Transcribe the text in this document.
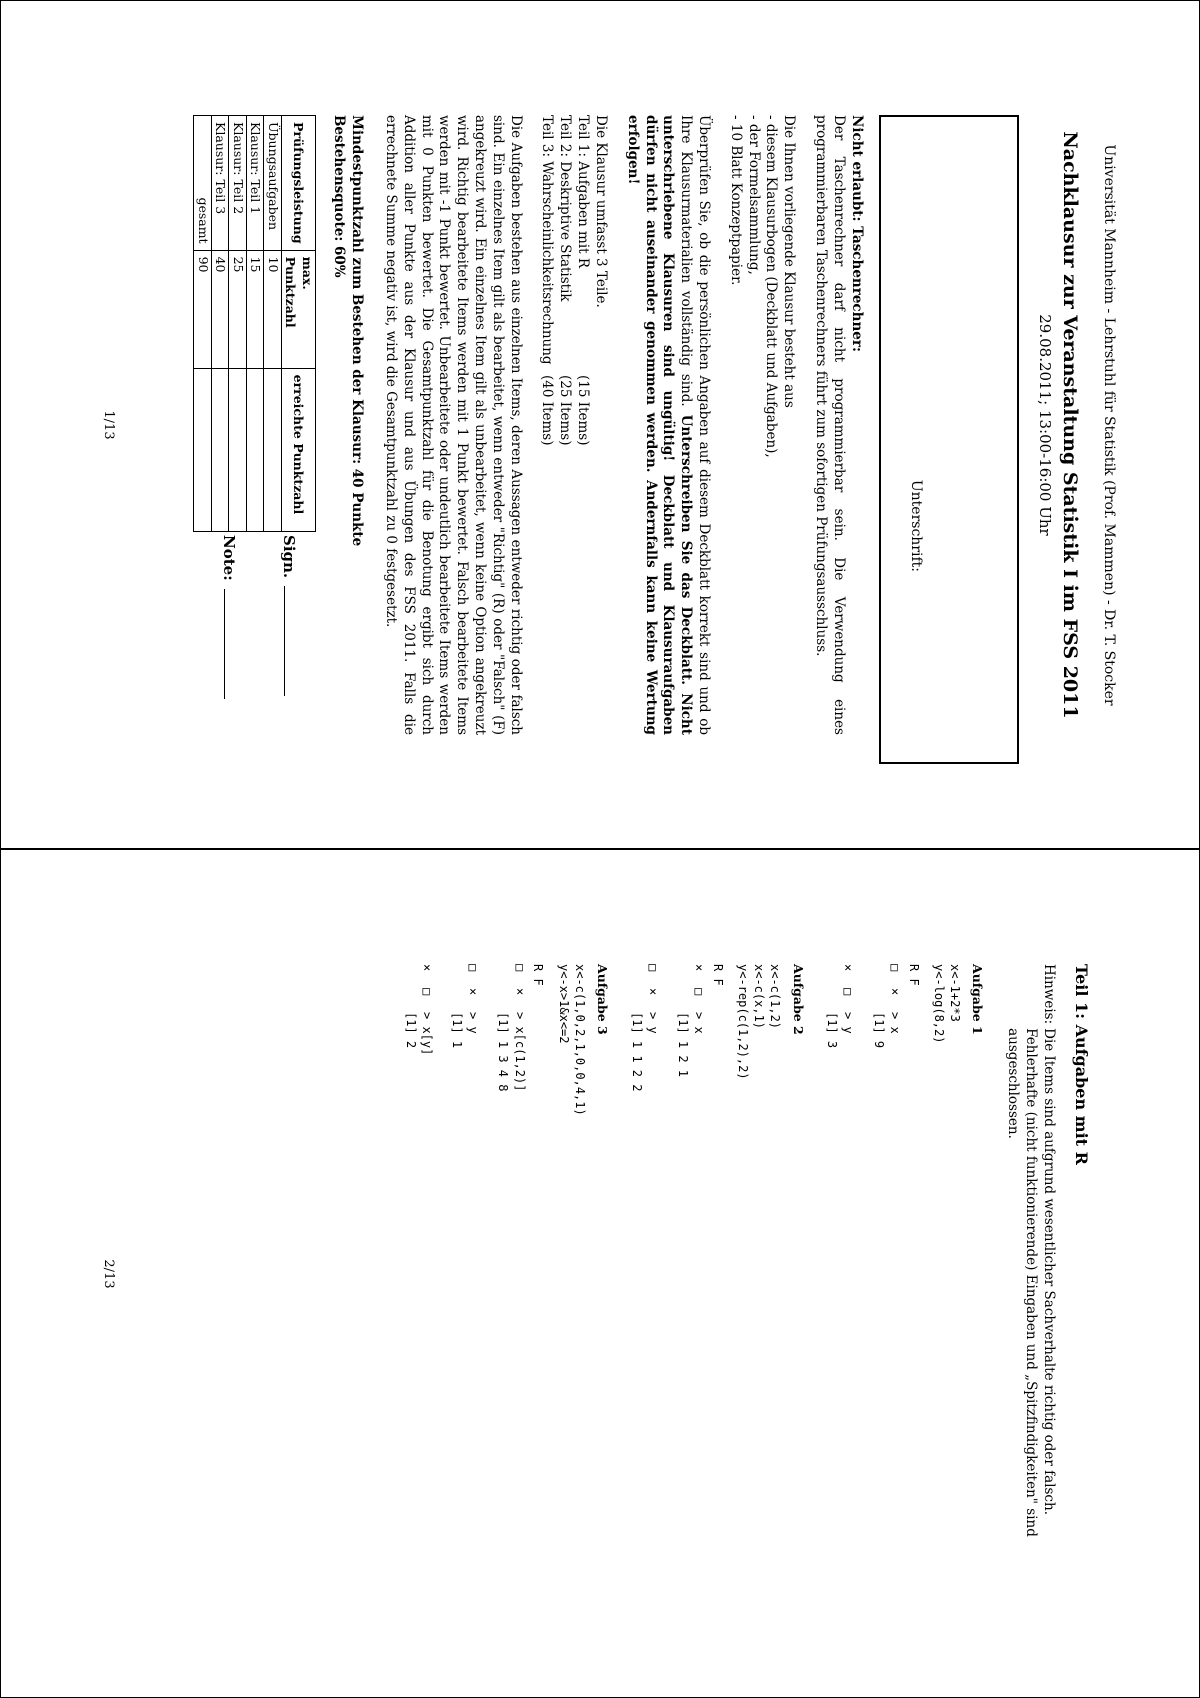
Universität Mannheim - Lehrstuhl für Statistik (Prof. Mammen) - Dr. T. Stocker
Nachklausur zur Veranstaltung Statistik I im FSS 2011
29.08.2011; 13:00-16:00 Uhr
Unterschrift:
Nicht erlaubt: Taschenrechner:
Der Taschenrechner darf nicht programmierbar sein. Die Verwendung eines programmierbaren Taschenrechners führt zum sofortigen Prüfungsausschluss.
Die Ihnen vorliegende Klausur besteht aus
- diesem Klausurbogen (Deckblatt und Aufgaben),
- der Formelsammlung,
- 10 Blatt Konzeptpapier.
Überprüfen Sie, ob die persönlichen Angaben auf diesem Deckblatt korrekt sind und ob Ihre Klausurmaterialien vollständig sind. Unterschreiben Sie das Deckblatt. Nicht unterschriebene Klausuren sind ungültig! Deckblatt und Klausuraufgaben dürfen nicht auseinander genommen werden. Andernfalls kann keine Wertung erfolgen!
Die Klausur umfasst 3 Teile.
Teil 1: Aufgaben mit R
(15 Items)
Teil 2: Deskriptive Statistik
(25 Items)
Teil 3: Wahrscheinlichkeitsrechnung
(40 Items)
Die Aufgaben bestehen aus einzelnen Items, deren Aussagen entweder richtig oder falsch sind. Ein einzelnes Item gilt als bearbeitet, wenn entweder "Richtig" (R) oder "Falsch" (F) angekreuzt wird. Ein einzelnes Item gilt als unbearbeitet, wenn keine Option angekreuzt wird. Richtig bearbeitete Items werden mit 1 Punkt bewertet. Falsch bearbeitete Items werden mit -1 Punkt bewertet. Unbearbeitete oder undeutlich bearbeitete Items werden mit 0 Punkten bewertet. Die Gesamtpunktzahl für die Benotung ergibt sich durch Addition aller Punkte aus der Klausur und aus Übungen des FSS 2011. Falls die errechnete Summe negativ ist, wird die Gesamtpunktzahl zu 0 festgesetzt.
Mindestpunktzahl zum Bestehen der Klausur: 40 Punkte
Bestehensquote: 60%
Prüfungsleistung	max. Punktzahl	erreichte Punktzahl
Übungsaufgaben	10	
Klausur: Teil 1	15	
Klausur: Teil 2	25	
Klausur: Teil 3	40	
gesamt	90	
Sign.
Note:
1/13
Teil 1: Aufgaben mit R
Hinweis:
Die Items sind aufgrund wesentlicher Sachverhalte richtig oder falsch. Fehlerhafte (nicht funktionierende) Eingaben und „Spitzfindigkeiten" sind ausgeschlossen.
Aufgabe 1
x<-1+2*3
y<-log(8,2)
R F
□
×
> x
[1] 9
×
□
> y
[1] 3
Aufgabe 2
x<-c(1,2)
x<-c(x,1)
y<-rep(c(1,2),2)
R F
×
□
> x
[1] 1 2 1
□
×
> y
[1] 1 1 2 2
Aufgabe 3
x<-c(1,0,2,1,0,0,4,1)
y<-x>1&x<=2
R F
□
×
> x[c(1,2)]
[1] 1 3 4 8
□
×
> y
[1] 1
×
□
> x[y]
[1] 2
2/13
